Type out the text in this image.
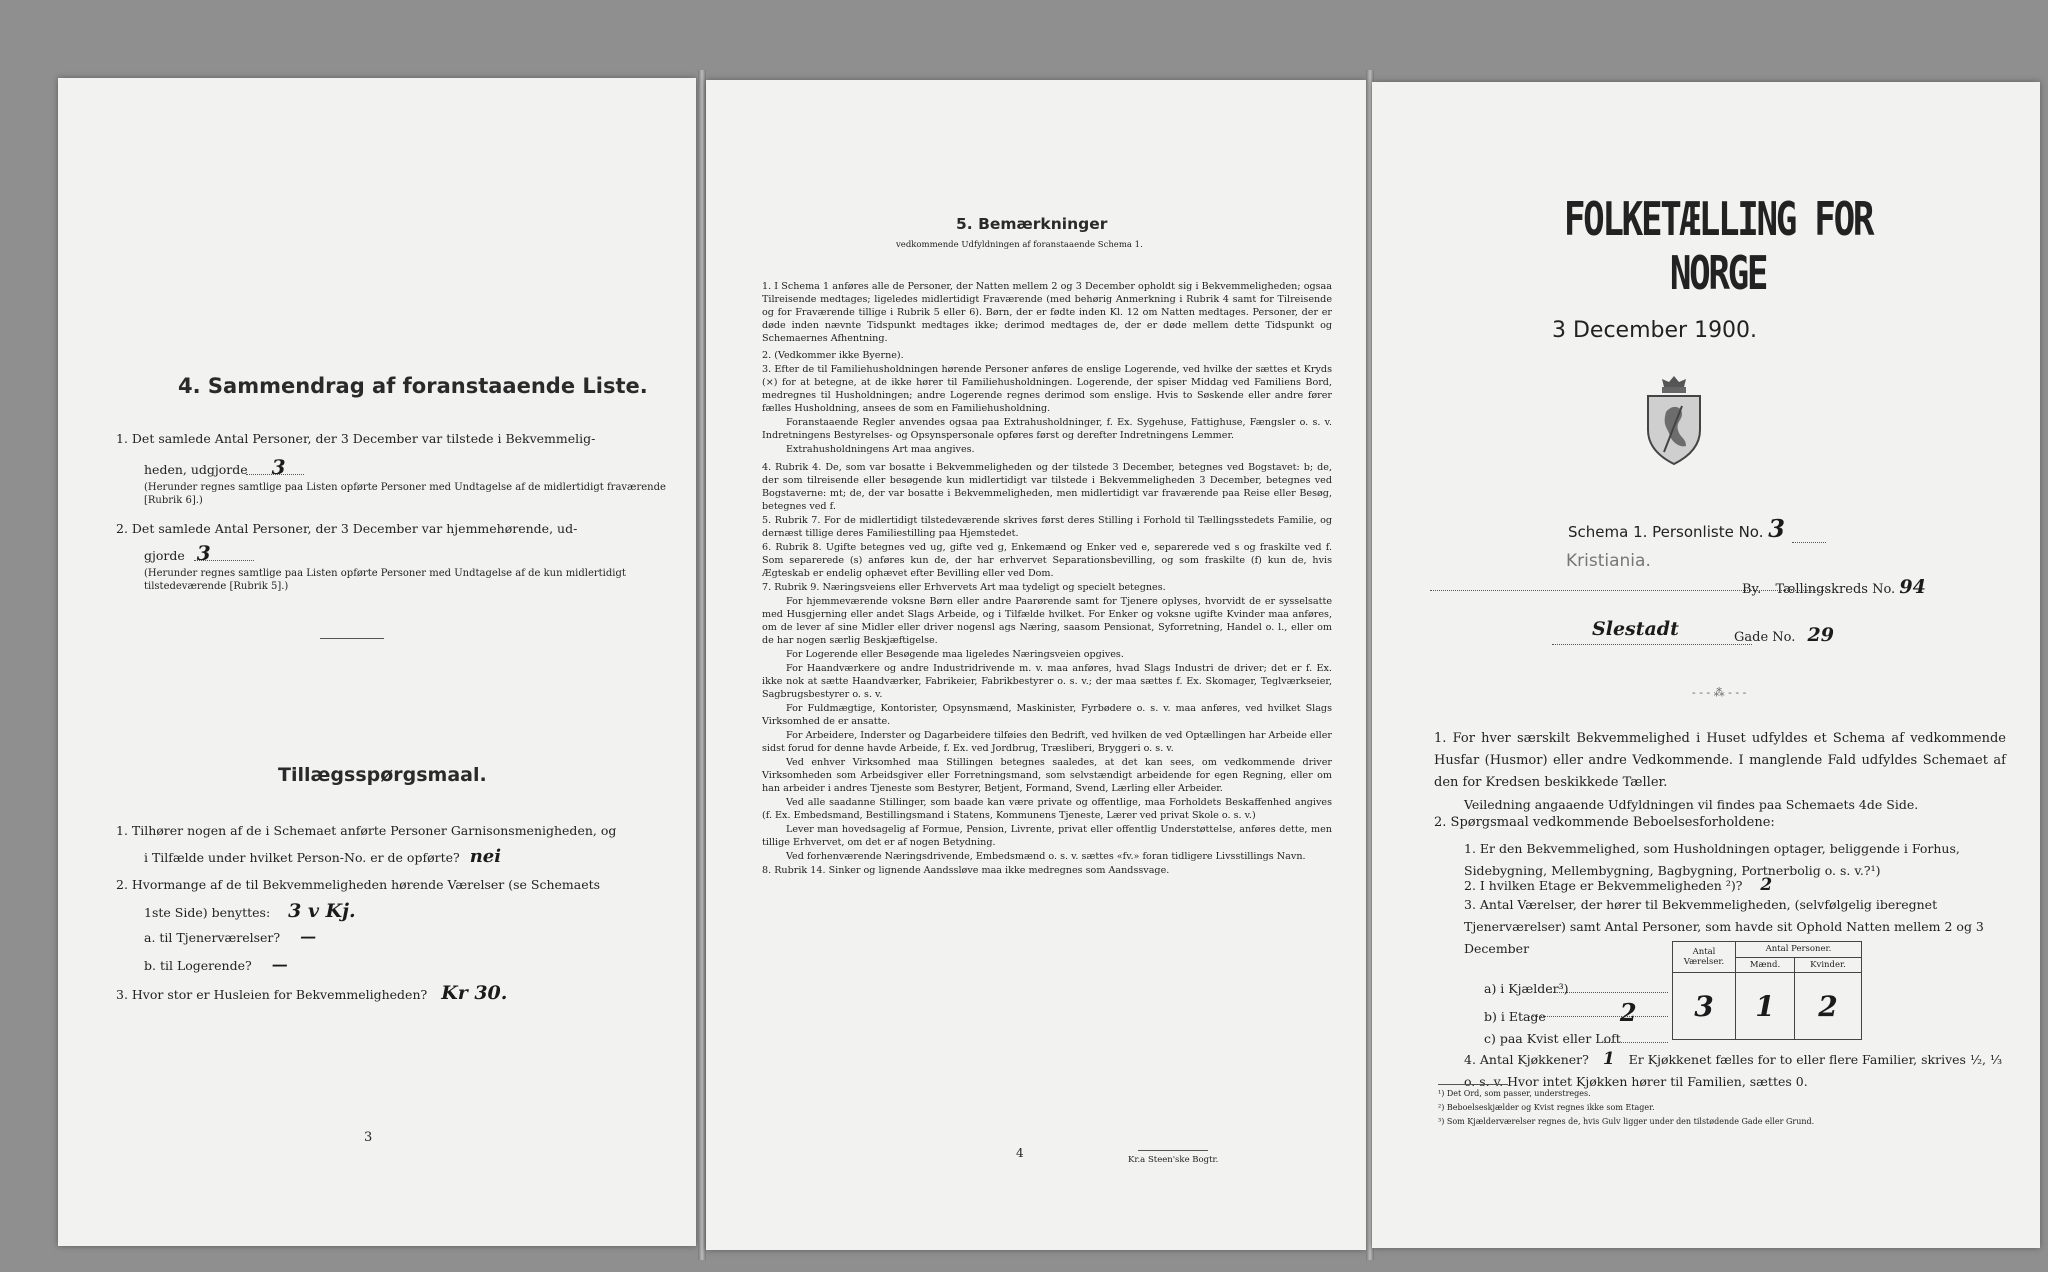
4. Sammendrag af foranstaaende Liste.
1. Det samlede Antal Personer, der 3 December var tilstede i Bekvemmelig-
heden, udgjorde 3
(Herunder regnes samtlige paa Listen opførte Personer med Undtagelse af de midlertidigt fraværende [Rubrik 6].)
2. Det samlede Antal Personer, der 3 December var hjemmehørende, ud-
gjorde 3
(Herunder regnes samtlige paa Listen opførte Personer med Undtagelse af de kun midlertidigt tilstedeværende [Rubrik 5].)
Tillægsspørgsmaal.
1. Tilhører nogen af de i Schemaet anførte Personer Garnisonsmenigheden, og
i Tilfælde under hvilket Person-No. er de opførte? nei
2. Hvormange af de til Bekvemmeligheden hørende Værelser (se Schemaets
1ste Side) benyttes: 3 v Kj.
a. til Tjenerværelser? —
b. til Logerende? —
3. Hvor stor er Husleien for Bekvemmeligheden? Kr 30.
3
5. Bemærkninger
vedkommende Udfyldningen af foranstaaende Schema 1.

1. I Schema 1 anføres alle de Personer, der Natten mellem 2 og 3 December opholdt sig i Bekvemmeligheden; ogsaa Tilreisende medtages; ligeledes midlertidigt Fraværende (med behørig Anmerkning i Rubrik 4 samt for Tilreisende og for Fraværende tillige i Rubrik 5 eller 6). Børn, der er fødte inden Kl. 12 om Natten medtages. Personer, der er døde inden nævnte Tidspunkt medtages ikke; derimod medtages de, der er døde mellem dette Tidspunkt og Schemaernes Afhentning.

2. (Vedkommer ikke Byerne).

3. Efter de til Familiehusholdningen hørende Personer anføres de enslige Logerende, ved hvilke der sættes et Kryds (×) for at betegne, at de ikke hører til Familiehusholdningen. Logerende, der spiser Middag ved Familiens Bord, medregnes til Husholdningen; andre Logerende regnes derimod som enslige. Hvis to Søskende eller andre fører fælles Husholdning, ansees de som en Familiehusholdning.

Foranstaaende Regler anvendes ogsaa paa Extrahusholdninger, f. Ex. Sygehuse, Fattighuse, Fængsler o. s. v. Indretningens Bestyrelses- og Opsynspersonale opføres først og derefter Indretningens Lemmer.

Extrahusholdningens Art maa angives.

4. Rubrik 4. De, som var bosatte i Bekvemmeligheden og der tilstede 3 December, betegnes ved Bogstavet: b; de, der som tilreisende eller besøgende kun midlertidigt var tilstede i Bekvemmeligheden 3 December, betegnes ved Bogstaverne: mt; de, der var bosatte i Bekvemmeligheden, men midlertidigt var fraværende paa Reise eller Besøg, betegnes ved f.

5. Rubrik 7. For de midlertidigt tilstedeværende skrives først deres Stilling i Forhold til Tællingsstedets Familie, og dernæst tillige deres Familiestilling paa Hjemstedet.

6. Rubrik 8. Ugifte betegnes ved ug, gifte ved g, Enkemænd og Enker ved e, separerede ved s og fraskilte ved f. Som separerede (s) anføres kun de, der har erhvervet Separationsbevilling, og som fraskilte (f) kun de, hvis Ægteskab er endelig ophævet efter Bevilling eller ved Dom.

7. Rubrik 9. Næringsveiens eller Erhvervets Art maa tydeligt og specielt betegnes.

For hjemmeværende voksne Børn eller andre Paarørende samt for Tjenere oplyses, hvorvidt de er sysselsatte med Husgjerning eller andet Slags Arbeide, og i Tilfælde hvilket. For Enker og voksne ugifte Kvinder maa anføres, om de lever af sine Midler eller driver nogensl ags Næring, saasom Pensionat, Syforretning, Handel o. l., eller om de har nogen særlig Beskjæftigelse.

For Logerende eller Besøgende maa ligeledes Næringsveien opgives.

For Haandværkere og andre Industridrivende m. v. maa anføres, hvad Slags Industri de driver; det er f. Ex. ikke nok at sætte Haandværker, Fabrikeier, Fabrikbestyrer o. s. v.; der maa sættes f. Ex. Skomager, Teglværkseier, Sagbrugsbestyrer o. s. v.

For Fuldmægtige, Kontorister, Opsynsmænd, Maskinister, Fyrbødere o. s. v. maa anføres, ved hvilket Slags Virksomhed de er ansatte.

For Arbeidere, Inderster og Dagarbeidere tilføies den Bedrift, ved hvilken de ved Optællingen har Arbeide eller sidst forud for denne havde Arbeide, f. Ex. ved Jordbrug, Træsliberi, Bryggeri o. s. v.

Ved enhver Virksomhed maa Stillingen betegnes saaledes, at det kan sees, om vedkommende driver Virksomheden som Arbeidsgiver eller Forretningsmand, som selvstændigt arbeidende for egen Regning, eller om han arbeider i andres Tjeneste som Bestyrer, Betjent, Formand, Svend, Lærling eller Arbeider.

Ved alle saadanne Stillinger, som baade kan være private og offentlige, maa Forholdets Beskaffenhed angives (f. Ex. Embedsmand, Bestillingsmand i Statens, Kommunens Tjeneste, Lærer ved privat Skole o. s. v.)

Lever man hovedsagelig af Formue, Pension, Livrente, privat eller offentlig Understøttelse, anføres dette, men tillige Erhvervet, om det er af nogen Betydning.

Ved forhenværende Næringsdrivende, Embedsmænd o. s. v. sættes «fv.» foran tidligere Livsstillings Navn.

8. Rubrik 14. Sinker og lignende Aandssløve maa ikke medregnes som Aandssvage.

4	Kr.a Steen'ske Bogtr.
FOLKETÆLLING FOR NORGE
3 December 1900.
Schema 1. Personliste No. 3
Kristiania.
By. Tællingskreds No. 94
Slestadt	Gade No. 29
- - - ⁂ - - -
1. For hver særskilt Bekvemmelighed i Huset udfyldes et Schema af vedkommende Husfar (Husmor) eller andre Vedkommende. I manglende Fald udfyldes Schemaet af den for Kredsen beskikkede Tæller.
Veiledning angaaende Udfyldningen vil findes paa Schemaets 4de Side.
2. Spørgsmaal vedkommende Beboelsesforholdene:
1. Er den Bekvemmelighed, som Husholdningen optager, beliggende i Forhus, Sidebygning, Mellembygning, Bagbygning, Portnerbolig o. s. v.?¹)
2. I hvilken Etage er Bekvemmeligheden ²)? 2
3. Antal Værelser, der hører til Bekvemmeligheden, (selvfølgelig iberegnet Tjenerværelser) samt Antal Personer, som havde sit Ophold Natten mellem 2 og 3 December	Antal Værelser.	Antal Personer.	
	Mænd.	Kvinder.
3	1	2
a) i Kjælder³)
b) i Etage	2
c) paa Kvist eller Loft
4. Antal Kjøkkener? 1 Er Kjøkkenet fælles for to eller flere Familier, skrives ½, ⅓ o. s. v. Hvor intet Kjøkken hører til Familien, sættes 0.
¹) Det Ord, som passer, understreges.
²) Beboelseskjælder og Kvist regnes ikke som Etager.
³) Som Kjælderværelser regnes de, hvis Gulv ligger under den tilstødende Gade eller Grund.
